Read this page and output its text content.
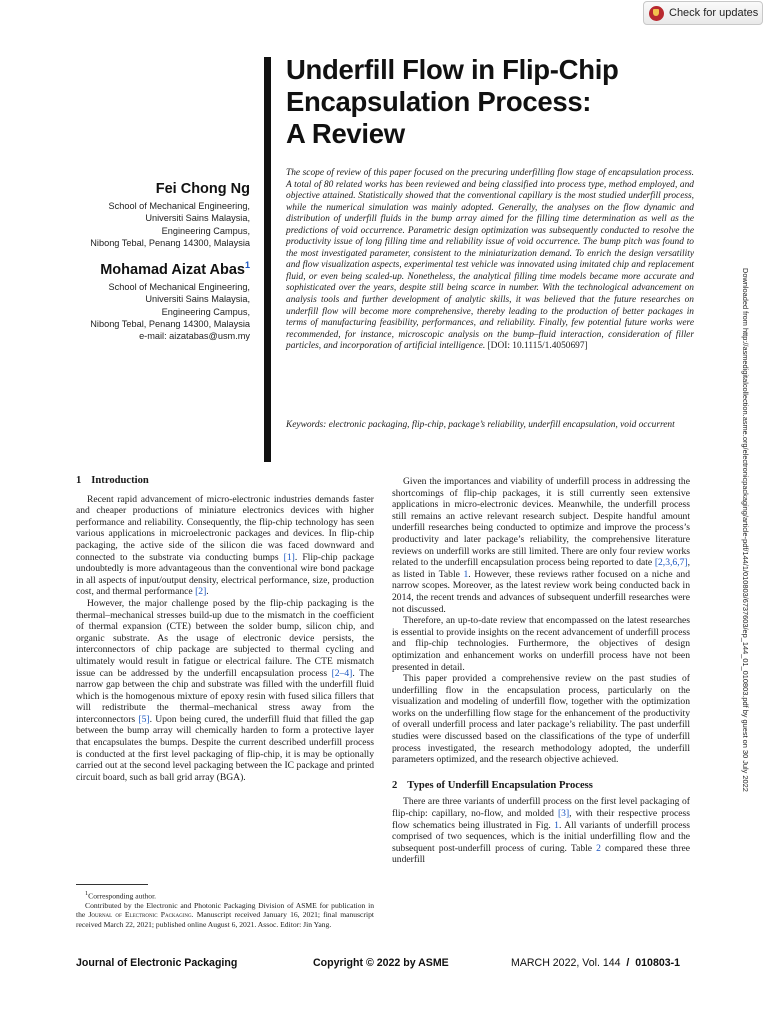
Check for updates
Underfill Flow in Flip-Chip
Encapsulation Process:
A Review
Fei Chong Ng
School of Mechanical Engineering,
Universiti Sains Malaysia,
Engineering Campus,
Nibong Tebal, Penang 14300, Malaysia
Mohamad Aizat Abas$^1$
School of Mechanical Engineering,
Universiti Sains Malaysia,
Engineering Campus,
Nibong Tebal, Penang 14300, Malaysia
e-mail: aizatabas@usm.my
The scope of review of this paper focused on the precuring underfilling flow stage of encapsulation process. A total of 80 related works has been reviewed and being classified into process type, method employed, and objective attained. Statistically showed that the conventional capillary is the most studied underfill process, while the numerical simulation was mainly adopted. Generally, the analyses on the flow dynamic and distribution of underfill fluids in the bump array aimed for the filling time determination as well as the predictions of void occurrence. Parametric design optimization was subsequently conducted to resolve the productivity issue of long filling time and reliability issue of void occurrence. The bump pitch was found to the most investigated parameter, consistent to the miniaturization demand. To enrich the design versatility and flow visualization aspects, experimental test vehicle was innovated using imitated chip and replacement fluid, or even being scaled-up. Nonetheless, the analytical filling time models became more accurate and sophisticated over the years, despite still being scarce in number. With the technological advancement on analysis tools and further development of analytic skills, it was believed that the future researches on underfill flow will become more comprehensive, thereby leading to the production of better packages in terms of manufacturing feasibility, performances, and reliability. Finally, few potential future works were recommended, for instance, microscopic analysis on the bump–fluid interaction, consideration of filler particles, and incorporation of artificial intelligence. [DOI: 10.1115/1.4050697]
Keywords: electronic packaging, flip-chip, package’s reliability, underfill encapsulation, void occurrent	Downloaded from http://asmedigitalcollection.asme.org/electronicpackaging/article-pdf/144/1/010803/6737603/ep_144_01_010803.pdf by guest on 30 July 2022

1 Introduction

Recent rapid advancement of micro-electronic industries demands faster and cheaper productions of miniature electronics devices with higher performance and reliability. Consequently, the flip-chip technology has seen various applications in microelectronic packages and devices. In flip-chip packaging, the active side of the silicon die was faced downward and connected to the substrate via conducting bumps [1]. Flip-chip package undoubtedly is more advantageous than the conventional wire bond package in all aspects of input/output density, electrical performance, size, production cost, and thermal performance [2].

However, the major challenge posed by the flip-chip packaging is the thermal–mechanical stresses build-up due to the mismatch in the coefficient of thermal expansion (CTE) between the solder bump, silicon chip, and organic substrate. As the usage of electronic device persists, the interconnectors of chip package are subjected to thermal cycling and ultimately would result in fatigue or electrical failure. The CTE mismatch issue can be addressed by the underfill encapsulation process [2–4]. The narrow gap between the chip and substrate was filled with the underfill fluid which is the homogenous mixture of epoxy resin with fused silica fillers that will redistribute the thermal–mechanical stress away from the interconnectors [5]. Upon being cured, the underfill fluid that filled the gap between the bump array will chemically harden to form a protective layer that encapsulates the bumps. Despite the current described underfill process is conducted at the first level packaging of flip-chip, it is may be optionally carried out at the second level packaging between the IC package and printed circuit board, such as ball grid array (BGA).

Given the importances and viability of underfill process in addressing the shortcomings of flip-chip packages, it is still currently seen extensive applications in micro-electronic devices. Meanwhile, the underfill process still remains an active relevant research subject. Despite handful amount underfill researches being conducted to optimize and improve the process’s productivity and later package’s reliability, the comprehensive literature reviews on underfill works are still limited. There are only four review works related to the underfill encapsulation process being reported to date [2,3,6,7], as listed in Table 1. However, these reviews rather focused on a niche and narrow scopes. Moreover, as the latest review work being conducted back in 2014, the recent trends and advances of subsequent underfill researches were not discussed.

Therefore, an up-to-date review that encompassed on the latest researches is essential to provide insights on the recent advancement of underfill process and flip-chip technologies. Furthermore, the objectives of design optimization and enhancement works on underfill process have not been presented in detail.

This paper provided a comprehensive review on the past studies of underfilling flow in the encapsulation process, particularly on the visualization and modeling of underfill flow, together with the optimization works on the underfilling flow stage for the enhancement of the productivity of overall underfill process and later package’s reliability. The past underfill studies were discussed based on the classifications of the type of underfill process investigated, the research methodology adopted, the underfill parameters optimized, and the research objective achieved.

2 Types of Underfill Encapsulation Process

There are three variants of underfill process on the first level packaging of flip-chip: capillary, no-flow, and molded [3], with their respective process flow schematics being illustrated in Fig. 1. All variants of underfill process comprised of two sequences, which is the initial underfilling flow and the subsequent post-underfill process of curing. Table 2 compared these three underfill

$^1$Corresponding author.

Contributed by the Electronic and Photonic Packaging Division of ASME for publication in the Journal of Electronic Packaging. Manuscript received January 16, 2021; final manuscript received March 22, 2021; published online August 6, 2021. Assoc. Editor: Jin Yang.

Journal of Electronic Packaging	Copyright © 2022 by ASME	MARCH 2022, Vol. 144 / 010803-1
